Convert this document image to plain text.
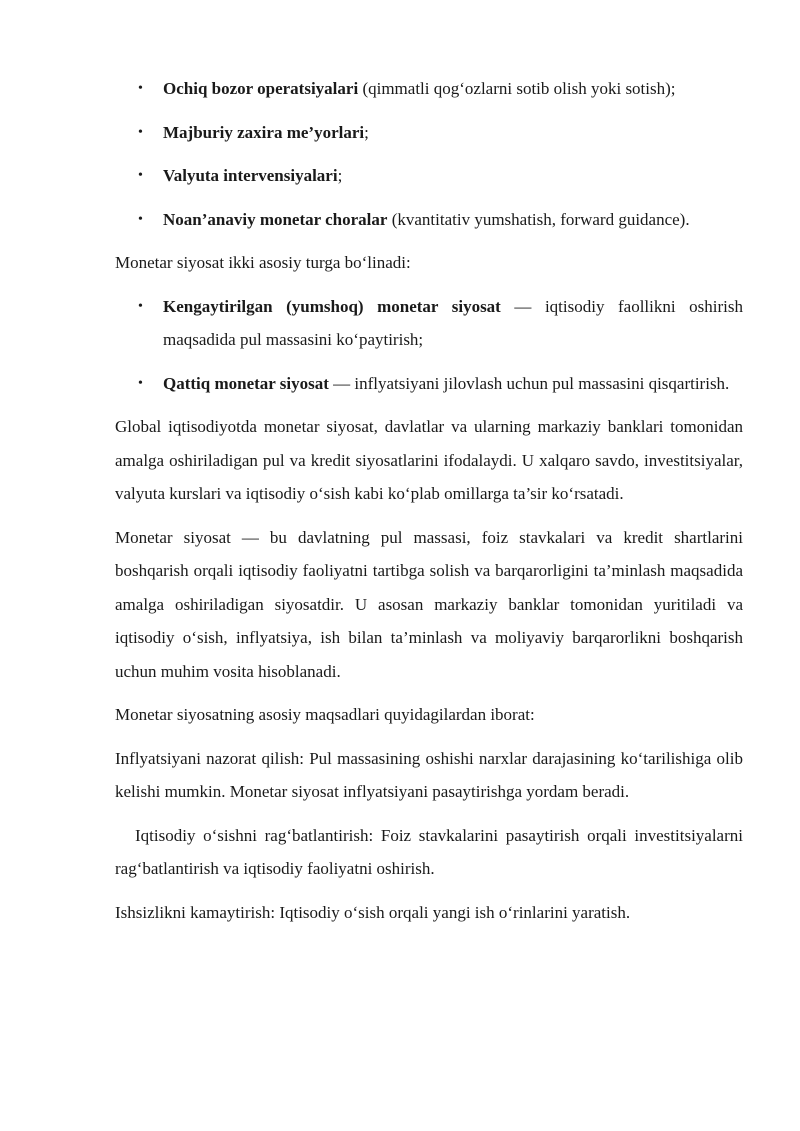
• Ochiq bozor operatsiyalari (qimmatli qog‘ozlarni sotib olish yoki sotish);
• Majburiy zaxira me’yorlari;
• Valyuta intervensiyalari;
• Noan’anaviy monetar choralar (kvantitativ yumshatish, forward guidance).

Monetar siyosat ikki asosiy turga bo‘linadi:

• Kengaytirilgan (yumshoq) monetar siyosat — iqtisodiy faollikni oshirish maqsadida pul massasini ko‘paytirish;
• Qattiq monetar siyosat — inflyatsiyani jilovlash uchun pul massasini qisqartirish.

Global iqtisodiyotda monetar siyosat, davlatlar va ularning markaziy banklari tomonidan amalga oshiriladigan pul va kredit siyosatlarini ifodalaydi. U xalqaro savdo, investitsiyalar, valyuta kurslari va iqtisodiy o‘sish kabi ko‘plab omillarga ta’sir ko‘rsatadi.

Monetar siyosat — bu davlatning pul massasi, foiz stavkalari va kredit shartlarini boshqarish orqali iqtisodiy faoliyatni tartibga solish va barqarorligini ta’minlash maqsadida amalga oshiriladigan siyosatdir. U asosan markaziy banklar tomonidan yuritiladi va iqtisodiy o‘sish, inflyatsiya, ish bilan ta’minlash va moliyaviy barqarorlikni boshqarish uchun muhim vosita hisoblanadi.

Monetar siyosatning asosiy maqsadlari quyidagilardan iborat:

Inflyatsiyani nazorat qilish: Pul massasining oshishi narxlar darajasining ko‘tarilishiga olib kelishi mumkin. Monetar siyosat inflyatsiyani pasaytirishga yordam beradi.

Iqtisodiy o‘sishni rag‘batlantirish: Foiz stavkalarini pasaytirish orqali investitsiyalarni rag‘batlantirish va iqtisodiy faoliyatni oshirish.

Ishsizlikni kamaytirish: Iqtisodiy o‘sish orqali yangi ish o‘rinlarini yaratish.
